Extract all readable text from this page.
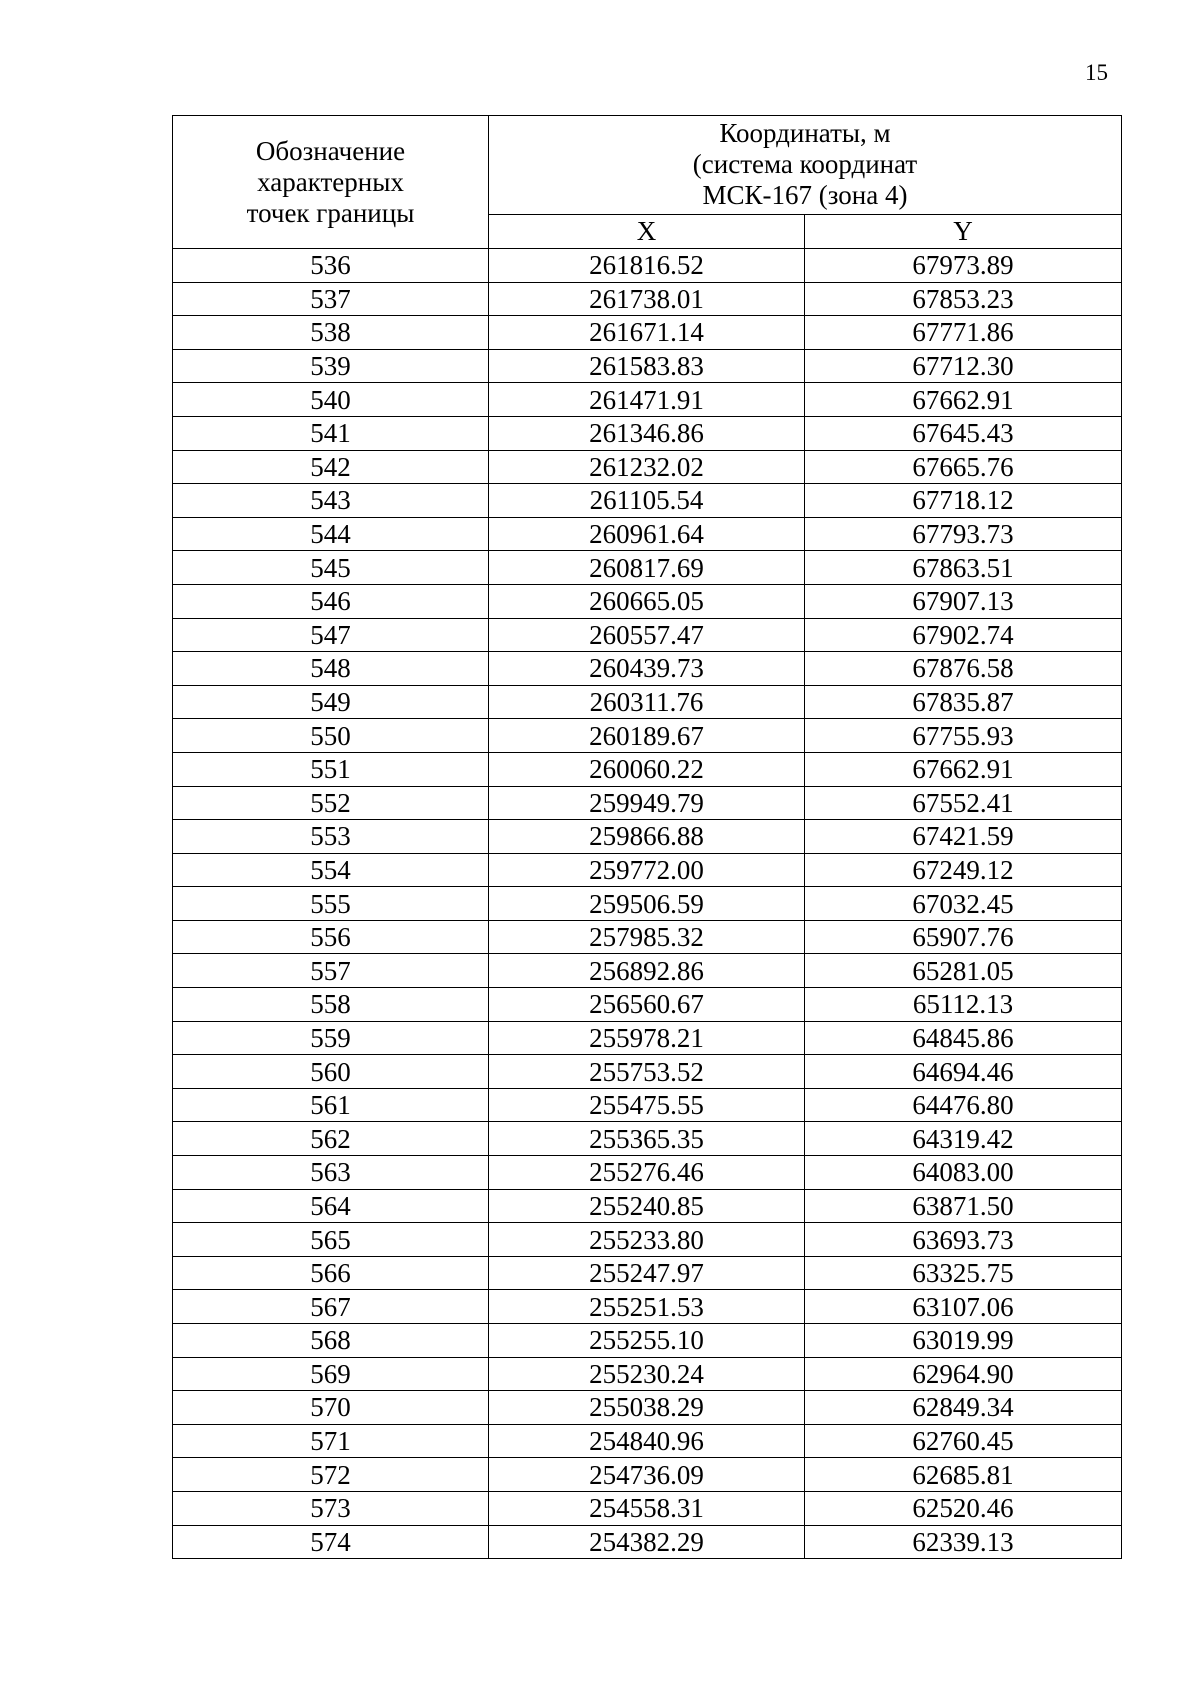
15
Обозначение
характерных
точек границы	Координаты, м
(система координат
МСК-167 (зона 4)	
	X	Y
536	261816.52	67973.89
537	261738.01	67853.23
538	261671.14	67771.86
539	261583.83	67712.30
540	261471.91	67662.91
541	261346.86	67645.43
542	261232.02	67665.76
543	261105.54	67718.12
544	260961.64	67793.73
545	260817.69	67863.51
546	260665.05	67907.13
547	260557.47	67902.74
548	260439.73	67876.58
549	260311.76	67835.87
550	260189.67	67755.93
551	260060.22	67662.91
552	259949.79	67552.41
553	259866.88	67421.59
554	259772.00	67249.12
555	259506.59	67032.45
556	257985.32	65907.76
557	256892.86	65281.05
558	256560.67	65112.13
559	255978.21	64845.86
560	255753.52	64694.46
561	255475.55	64476.80
562	255365.35	64319.42
563	255276.46	64083.00
564	255240.85	63871.50
565	255233.80	63693.73
566	255247.97	63325.75
567	255251.53	63107.06
568	255255.10	63019.99
569	255230.24	62964.90
570	255038.29	62849.34
571	254840.96	62760.45
572	254736.09	62685.81
573	254558.31	62520.46
574	254382.29	62339.13
